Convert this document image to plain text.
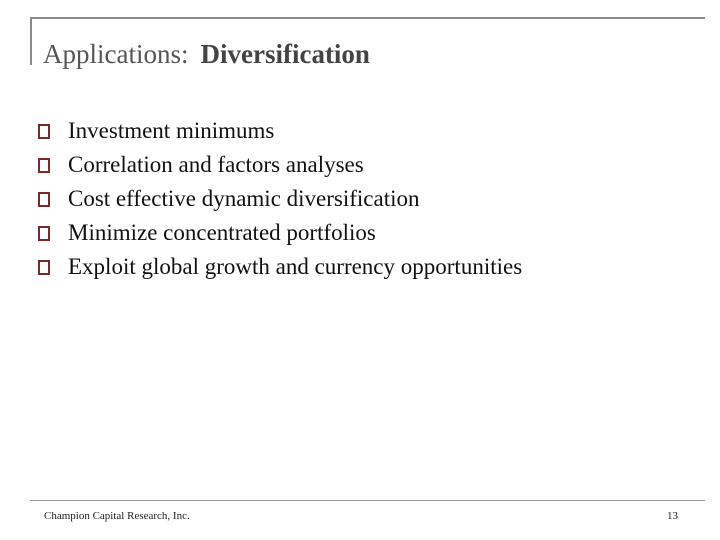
Applications: Diversification
Investment minimums
Correlation and factors analyses
Cost effective dynamic diversification
Minimize concentrated portfolios
Exploit global growth and currency opportunities
Champion Capital Research, Inc.	13
